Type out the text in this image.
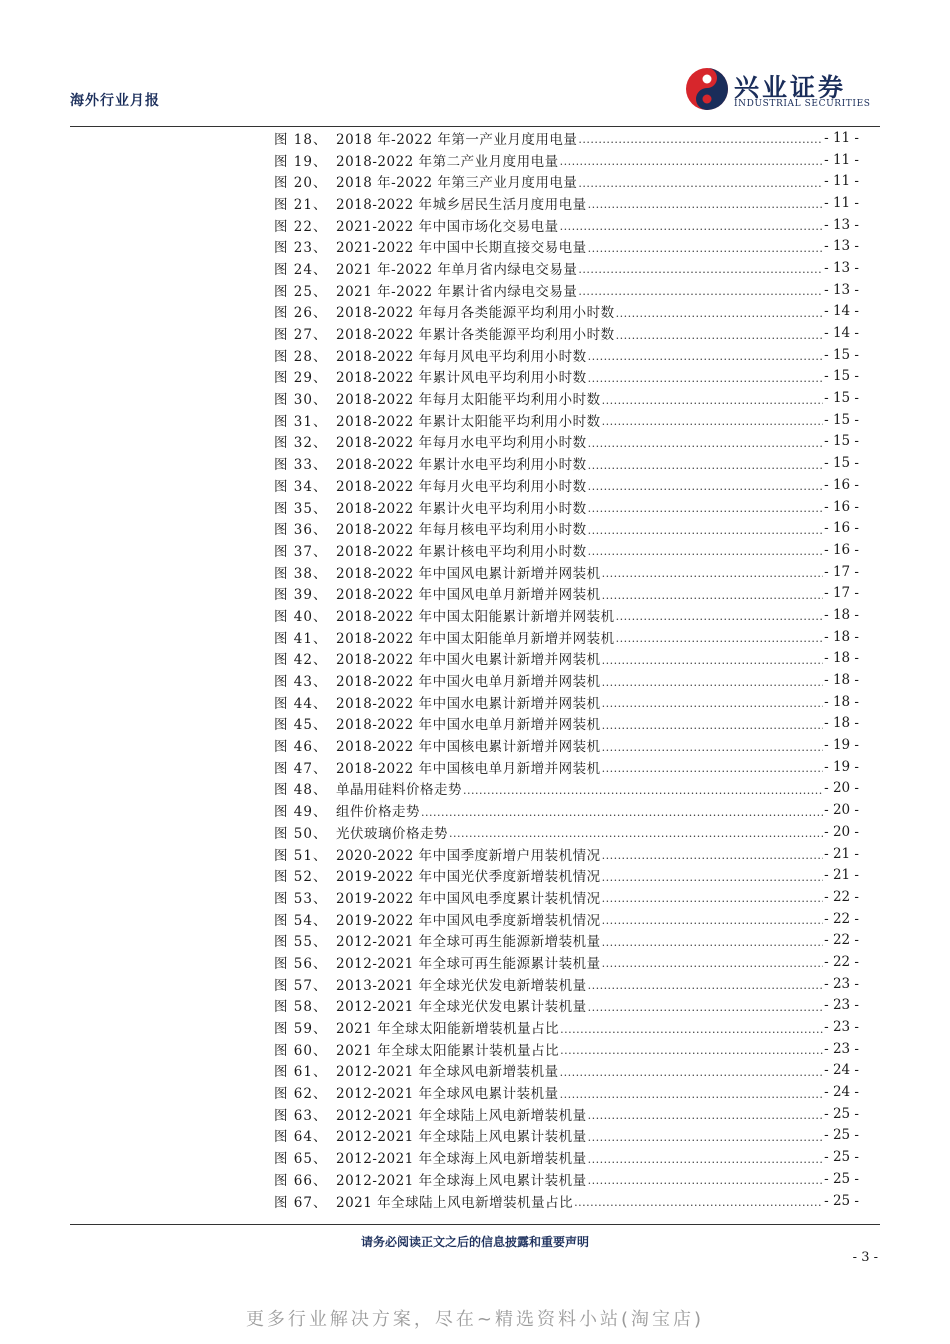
海外行业月报	兴业证券
INDUSTRIAL SECURITIES
图 18、 2018 年-2022 年第一产业月度用电量 .....	- 11 -
图 19、 2018-2022 年第二产业月度用电量 .....	- 11 -
图 20、 2018 年-2022 年第三产业月度用电量 .....	- 11 -
图 21、 2018-2022 年城乡居民生活月度用电量 .....	- 11 -
图 22、 2021-2022 年中国市场化交易电量 .....	- 13 -
图 23、 2021-2022 年中国中长期直接交易电量 .....	- 13 -
图 24、 2021 年-2022 年单月省内绿电交易量 .....	- 13 -
图 25、 2021 年-2022 年累计省内绿电交易量 .....	- 13 -
图 26、 2018-2022 年每月各类能源平均利用小时数 .....	- 14 -
图 27、 2018-2022 年累计各类能源平均利用小时数 .....	- 14 -
图 28、 2018-2022 年每月风电平均利用小时数 .....	- 15 -
图 29、 2018-2022 年累计风电平均利用小时数 .....	- 15 -
图 30、 2018-2022 年每月太阳能平均利用小时数 .....	- 15 -
图 31、 2018-2022 年累计太阳能平均利用小时数 .....	- 15 -
图 32、 2018-2022 年每月水电平均利用小时数 .....	- 15 -
图 33、 2018-2022 年累计水电平均利用小时数 .....	- 15 -
图 34、 2018-2022 年每月火电平均利用小时数 .....	- 16 -
图 35、 2018-2022 年累计火电平均利用小时数 .....	- 16 -
图 36、 2018-2022 年每月核电平均利用小时数 .....	- 16 -
图 37、 2018-2022 年累计核电平均利用小时数 .....	- 16 -
图 38、 2018-2022 年中国风电累计新增并网装机 .....	- 17 -
图 39、 2018-2022 年中国风电单月新增并网装机 .....	- 17 -
图 40、 2018-2022 年中国太阳能累计新增并网装机 .....	- 18 -
图 41、 2018-2022 年中国太阳能单月新增并网装机 .....	- 18 -
图 42、 2018-2022 年中国火电累计新增并网装机 .....	- 18 -
图 43、 2018-2022 年中国火电单月新增并网装机 .....	- 18 -
图 44、 2018-2022 年中国水电累计新增并网装机 .....	- 18 -
图 45、 2018-2022 年中国水电单月新增并网装机 .....	- 18 -
图 46、 2018-2022 年中国核电累计新增并网装机 .....	- 19 -
图 47、 2018-2022 年中国核电单月新增并网装机 .....	- 19 -
图 48、 单晶用硅料价格走势 .....	- 20 -
图 49、 组件价格走势 .....	- 20 -
图 50、 光伏玻璃价格走势 .....	- 20 -
图 51、 2020-2022 年中国季度新增户用装机情况 .....	- 21 -
图 52、 2019-2022 年中国光伏季度新增装机情况 .....	- 21 -
图 53、 2019-2022 年中国风电季度累计装机情况 .....	- 22 -
图 54、 2019-2022 年中国风电季度新增装机情况 .....	- 22 -
图 55、 2012-2021 年全球可再生能源新增装机量 .....	- 22 -
图 56、 2012-2021 年全球可再生能源累计装机量 .....	- 22 -
图 57、 2013-2021 年全球光伏发电新增装机量 .....	- 23 -
图 58、 2012-2021 年全球光伏发电累计装机量 .....	- 23 -
图 59、 2021 年全球太阳能新增装机量占比 .....	- 23 -
图 60、 2021 年全球太阳能累计装机量占比 .....	- 23 -
图 61、 2012-2021 年全球风电新增装机量 .....	- 24 -
图 62、 2012-2021 年全球风电累计装机量 .....	- 24 -
图 63、 2012-2021 年全球陆上风电新增装机量 .....	- 25 -
图 64、 2012-2021 年全球陆上风电累计装机量 .....	- 25 -
图 65、 2012-2021 年全球海上风电新增装机量 .....	- 25 -
图 66、 2012-2021 年全球海上风电累计装机量 .....	- 25 -
图 67、 2021 年全球陆上风电新增装机量占比 .....	- 25 -
请务必阅读正文之后的信息披露和重要声明
- 3 -
更多行业解决方案，尽在~精选资料小站(淘宝店)
